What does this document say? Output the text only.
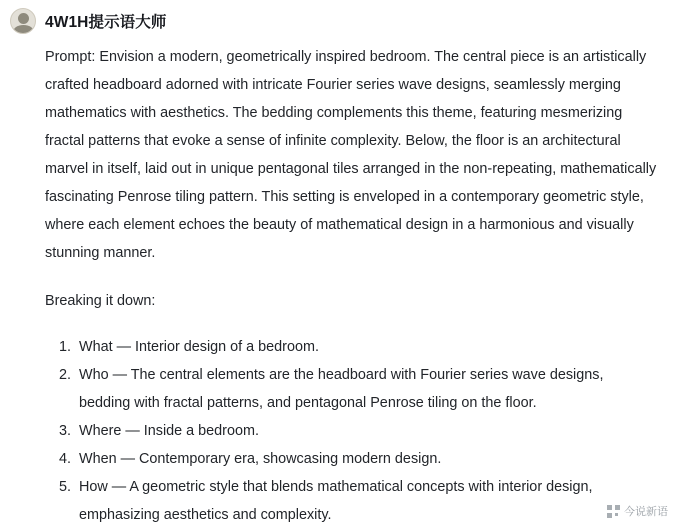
4W1H提示语大师

Prompt: Envision a modern, geometrically inspired bedroom. The central piece is an artistically crafted headboard adorned with intricate Fourier series wave designs, seamlessly merging mathematics with aesthetics. The bedding complements this theme, featuring mesmerizing fractal patterns that evoke a sense of infinite complexity. Below, the floor is an architectural marvel in itself, laid out in unique pentagonal tiles arranged in the non-repeating, mathematically fascinating Penrose tiling pattern. This setting is enveloped in a contemporary geometric style, where each element echoes the beauty of mathematical design in a harmonious and visually stunning manner.

Breaking it down:

1. What — Interior design of a bedroom.
2. Who — The central elements are the headboard with Fourier series wave designs, bedding with fractal patterns, and pentagonal Penrose tiling on the floor.
3. Where — Inside a bedroom.
4. When — Contemporary era, showcasing modern design.
5. How — A geometric style that blends mathematical concepts with interior design, emphasizing aesthetics and complexity.	今说新语
